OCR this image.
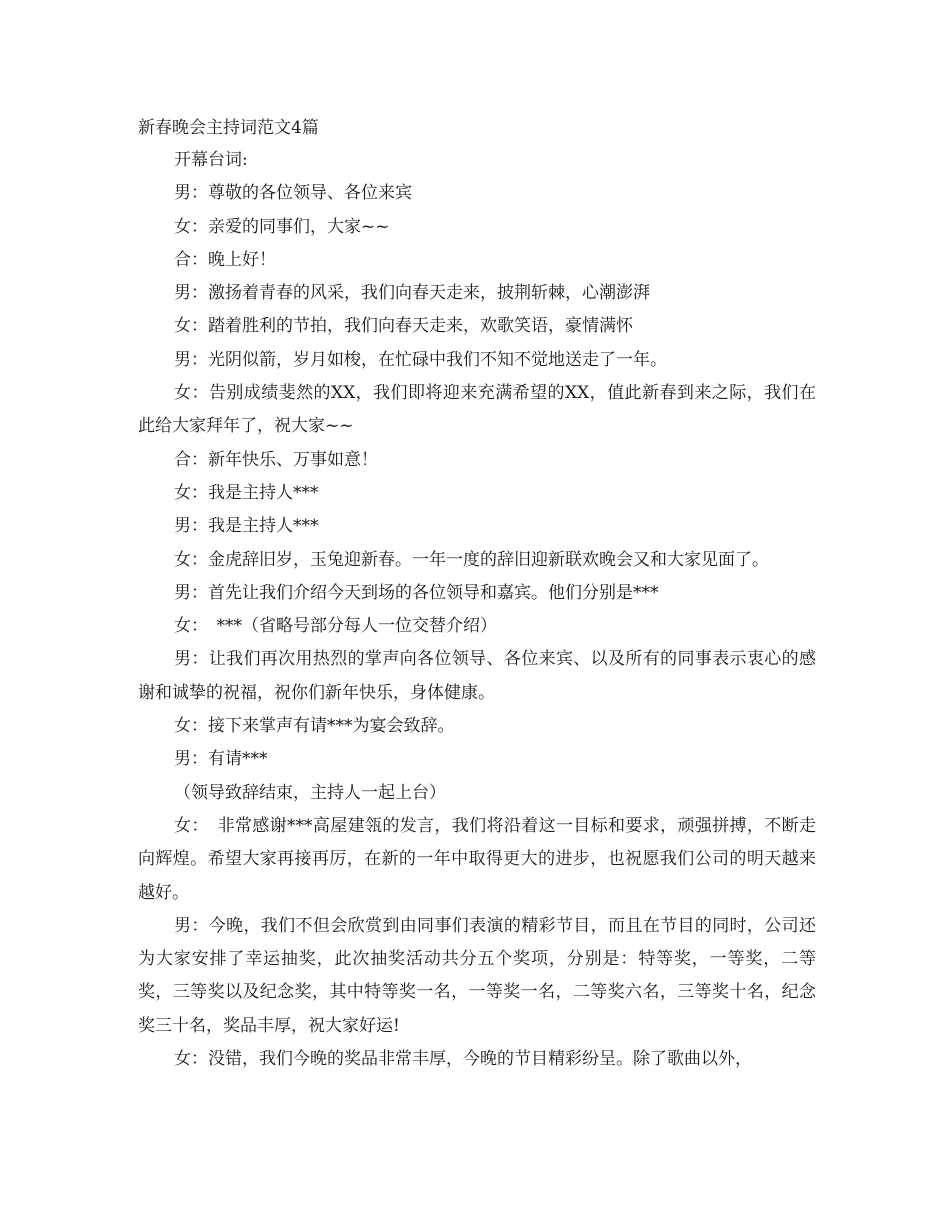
新春晚会主持词范文4篇

开幕台词:

男：尊敬的各位领导、各位来宾

女：亲爱的同事们，大家~~

合：晚上好！

男：激扬着青春的风采，我们向春天走来，披荆斩棘，心潮澎湃

女：踏着胜利的节拍，我们向春天走来，欢歌笑语，豪情满怀

男：光阴似箭，岁月如梭，在忙碌中我们不知不觉地送走了一年。

女：告别成绩斐然的XX，我们即将迎来充满希望的XX，值此新春到来之际，我们在此给大家拜年了，祝大家~~

合：新年快乐、万事如意！

女：我是主持人***

男：我是主持人***

女：金虎辞旧岁，玉兔迎新春。一年一度的辞旧迎新联欢晚会又和大家见面了。

男：首先让我们介绍今天到场的各位领导和嘉宾。他们分别是***

女：　***（省略号部分每人一位交替介绍）

男：让我们再次用热烈的掌声向各位领导、各位来宾、以及所有的同事表示衷心的感谢和诚挚的祝福，祝你们新年快乐，身体健康。

女：接下来掌声有请***为宴会致辞。

男：有请***

（领导致辞结束，主持人一起上台）

女：　非常感谢***高屋建瓴的发言，我们将沿着这一目标和要求，顽强拼搏，不断走向辉煌。希望大家再接再厉，在新的一年中取得更大的进步，也祝愿我们公司的明天越来越好。

男：今晚，我们不但会欣赏到由同事们表演的精彩节目，而且在节目的同时，公司还为大家安排了幸运抽奖，此次抽奖活动共分五个奖项，分别是：特等奖，一等奖，二等奖，三等奖以及纪念奖，其中特等奖一名，一等奖一名，二等奖六名，三等奖十名，纪念奖三十名，奖品丰厚，祝大家好运!

女：没错，我们今晚的奖品非常丰厚，今晚的节目精彩纷呈。除了歌曲以外，
